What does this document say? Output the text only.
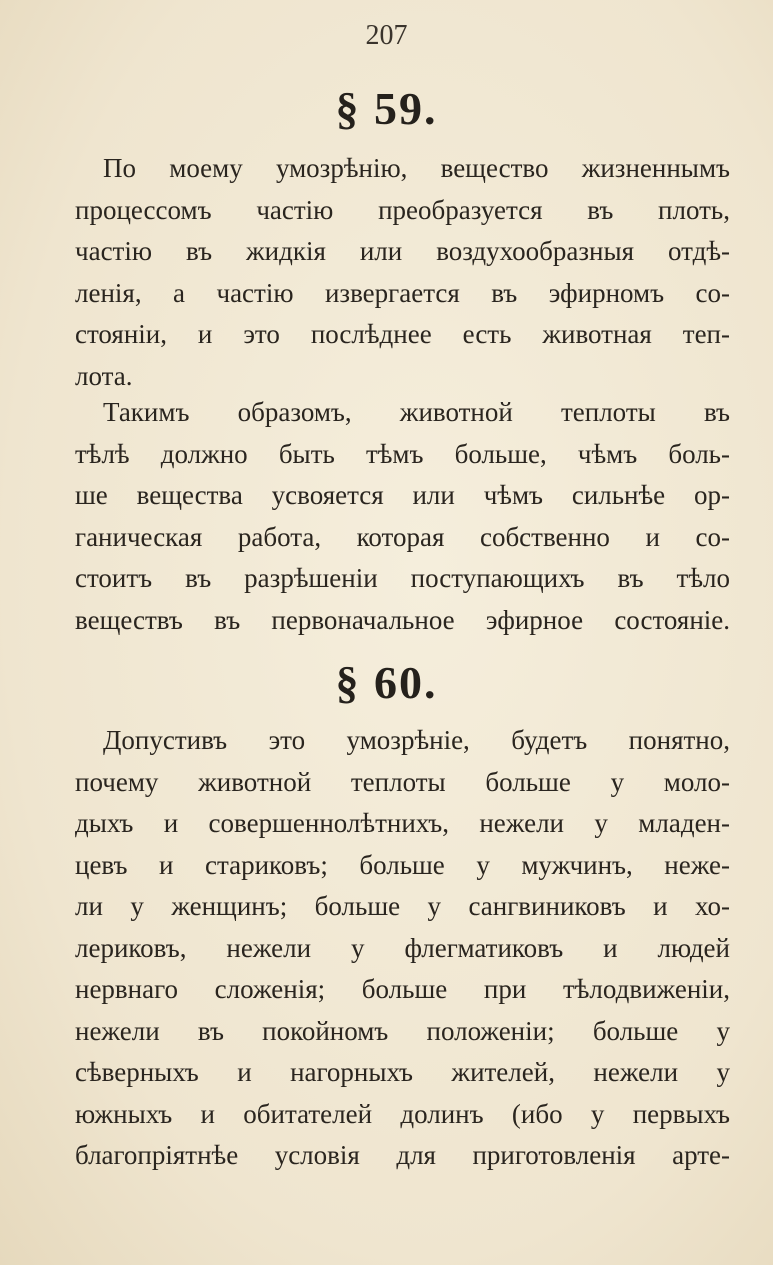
207
§ 59.
По моему умозрѣнію, вещество жизненнымъ
процессомъ частію преобразуется въ плоть,
частію въ жидкія или воздухообразныя отдѣ-
ленія, а частію извергается въ эфирномъ со-
стояніи, и это послѣднее есть животная теп-
лота.
Такимъ образомъ, животной теплоты въ
тѣлѣ должно быть тѣмъ больше, чѣмъ боль-
ше вещества усвояется или чѣмъ сильнѣе ор-
ганическая работа, которая собственно и со-
стоитъ въ разрѣшеніи поступающихъ въ тѣло
веществъ въ первоначальное эфирное состояніе.
§ 60.
Допустивъ это умозрѣніе, будетъ понятно,
почему животной теплоты больше у моло-
дыхъ и совершеннолѣтнихъ, нежели у младен-
цевъ и стариковъ; больше у мужчинъ, неже-
ли у женщинъ; больше у сангвиниковъ и хо-
лериковъ, нежели у флегматиковъ и людей
нервнаго сложенія; больше при тѣлодвиженіи,
нежели въ покойномъ положеніи; больше у
сѣверныхъ и нагорныхъ жителей, нежели у
южныхъ и обитателей долинъ (ибо у первыхъ
благопріятнѣе условія для приготовленія арте-
